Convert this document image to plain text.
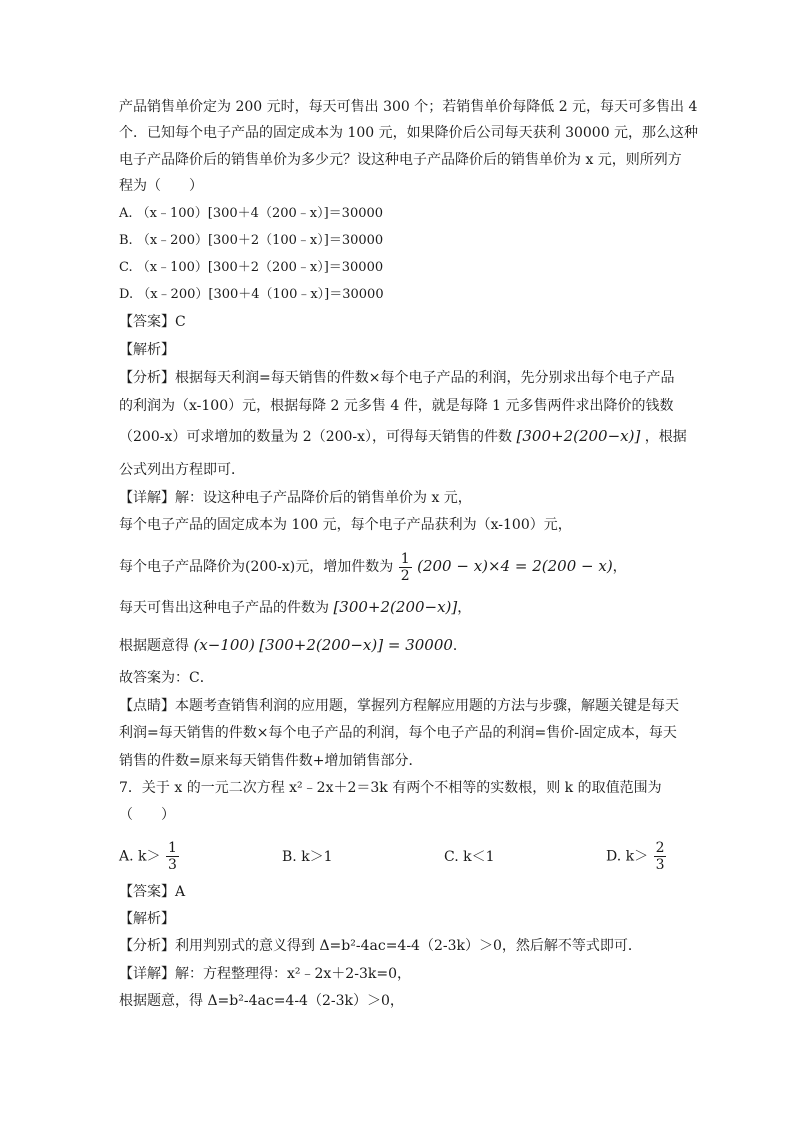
产品销售单价定为 200 元时，每天可售出 300 个；若销售单价每降低 2 元，每天可多售出 4
个．已知每个电子产品的固定成本为 100 元，如果降价后公司每天获利 30000 元，那么这种
电子产品降价后的销售单价为多少元？设这种电子产品降价后的销售单价为 x 元，则所列方
程为（　　）
A. （x﹣100）[300＋4（200﹣x）]＝30000
B. （x﹣200）[300＋2（100﹣x）]＝30000
C. （x﹣100）[300＋2（200﹣x）]＝30000
D. （x﹣200）[300＋4（100﹣x）]＝30000
【答案】C
【解析】
【分析】根据每天利润=每天销售的件数×每个电子产品的利润，先分别求出每个电子产品
的利润为（x-100）元，根据每降 2 元多售 4 件，就是每降 1 元多售两件求出降价的钱数
（200-x）可求增加的数量为 2（200-x），可得每天销售的件数 [300+2(200−x)] ，根据
公式列出方程即可．
【详解】解：设这种电子产品降价后的销售单价为 x 元，
每个电子产品的固定成本为 100 元，每个电子产品获利为（x-100）元，
每个电子产品降价为(200-x)元，增加件数为 $\frac{1}{2} (200 - x)\times 4 = 2(200 - x)$，
每天可售出这种电子产品的件数为 [300+2(200−x)]，
根据题意得 (x−100) [300+2(200−x)] = 30000．
故答案为：C．
【点睛】本题考查销售利润的应用题，掌握列方程解应用题的方法与步骤，解题关键是每天
利润=每天销售的件数×每个电子产品的利润，每个电子产品的利润=售价-固定成本，每天
销售的件数=原来每天销售件数+增加销售部分．
7．关于 x 的一元二次方程 x²﹣2x＋2＝3k 有两个不相等的实数根，则 k 的取值范围为
（　　）
A. $k> \frac{1}{3}$	B. k＞1	C. k＜1	D. $k> \frac{2}{3}$
【答案】A
【解析】
【分析】利用判别式的意义得到 Δ=b²-4ac=4-4（2-3k）＞0，然后解不等式即可．
【详解】解：方程整理得：x²﹣2x＋2-3k=0，
根据题意，得 Δ=b²-4ac=4-4（2-3k）＞0，
